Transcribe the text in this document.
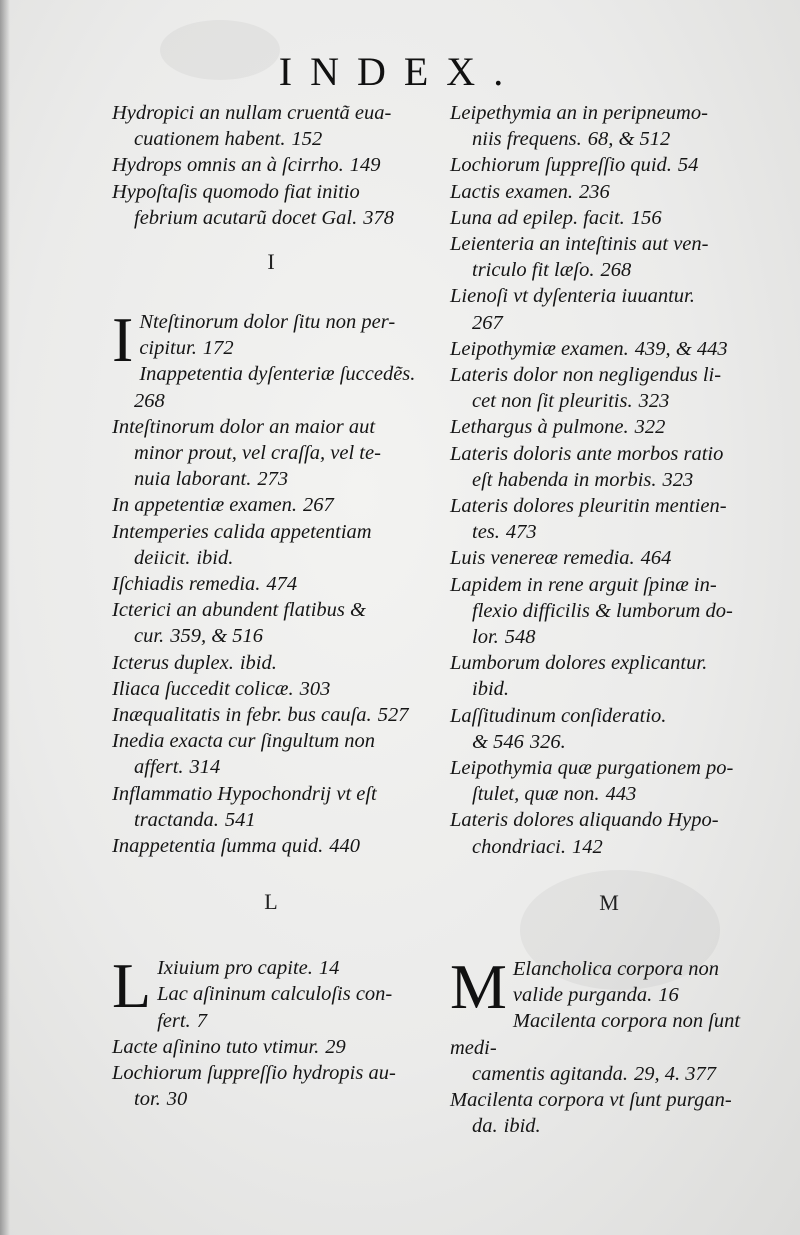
INDEX.
Hydropici an nullam cruentã eua-
cuationem habent. 152
Hydrops omnis an à ſcirrho. 149
Hypoſtaſis quomodo fiat initio
febrium acutarũ docet Gal. 378
I
I Nteſtinorum dolor ſitu non per-
cipitur. 172
Inappetentia dyſenteriæ ſuccedẽs.
268
Inteſtinorum dolor an maior aut
minor prout, vel craſſa, vel te-
nuia laborant. 273
In appetentiæ examen. 267
Intemperies calida appetentiam
deiicit. ibid.
Iſchiadis remedia. 474
Icterici an abundent flatibus &
cur. 359, & 516
Icterus duplex. ibid.
Iliaca ſuccedit colicæ. 303
Inæqualitatis in febr. bus cauſa. 527
Inedia exacta cur ſingultum non
affert. 314
Inflammatio Hypochondrij vt eſt
tractanda. 541
Inappetentia ſumma quid. 440
L
L Ixiuium pro capite. 14
Lac aſininum calculoſis con-
fert. 7
Lacte aſinino tuto vtimur. 29
Lochiorum ſuppreſſio hydropis au-
tor. 30
Leipethymia an in peripneumo-
niis frequens. 68, & 512
Lochiorum ſuppreſſio quid. 54
Lactis examen. 236
Luna ad epilep. facit. 156
Leienteria an inteſtinis aut ven-
triculo fit læſo. 268
Lienoſi vt dyſenteria iuuantur.
267
Leipothymiæ examen. 439, & 443
Lateris dolor non negligendus li-
cet non ſit pleuritis. 323
Lethargus à pulmone. 322
Lateris doloris ante morbos ratio
eſt habenda in morbis. 323
Lateris dolores pleuritin mentien-
tes. 473
Luis venereæ remedia. 464
Lapidem in rene arguit ſpinæ in-
flexio difficilis & lumborum do-
lor. 548
Lumborum dolores explicantur.
ibid.
Laſſitudinum conſideratio.
& 546 326.
Leipothymia quæ purgationem po-
ſtulet, quæ non. 443
Lateris dolores aliquando Hypo-
chondriaci. 142
M
M Elancholica corpora non
valide purganda. 16
Macilenta corpora non ſunt medi-
camentis agitanda. 29, 4. 377
Macilenta corpora vt ſunt purgan-
da. ibid.
